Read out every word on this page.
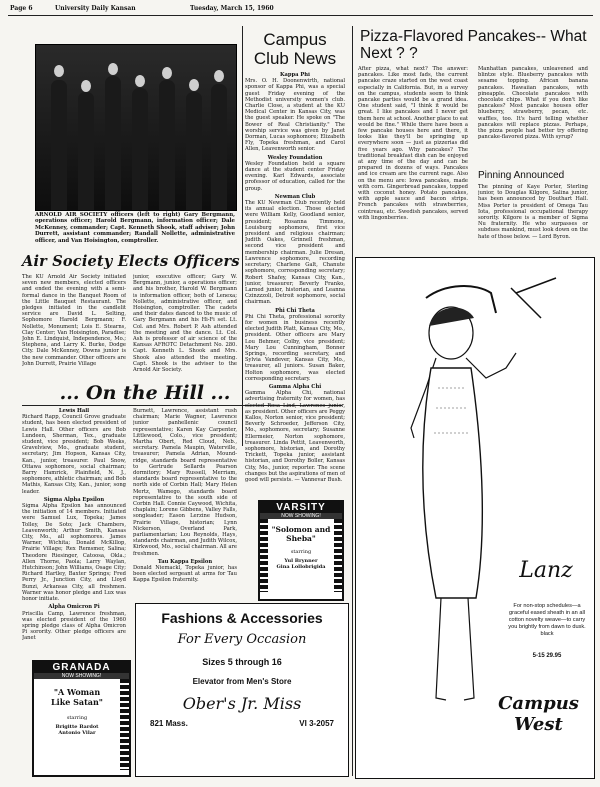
Page 6	University Daily Kansan	Tuesday, March 15, 1960
ARNOLD AIR SOCIETY officers (left to right) Gary Bergmann, operations officer; Harold Bergmann, information officer; Dale McKenney, commander; Capt. Kenneth Shook, staff adviser; John Durrett, assistant commander; Randall Nollette, administrative officer, and Van Hoisington, comptroller.
Air Society Elects Officers
The KU Arnold Air Society initiated seven new members, elected officers and ended the evening with a semi-formal dance in the Banquet Room of the Little Bauquet Restaurant. The pledges initiated in the candlelit service are David L. Selting, Sophomore Harold Bergmann; F. Nollette, Monument; Lois E. Stearns, Clay Center; Van Hoisington, Paradise; John E. Lindquist, Independence, Mo.; Stephens, and Larry K. Burke, Dodge City. Dale McKenney, Downs junior is the new commander. Other officers are John Durrett, Prairie Village
junior, executive officer; Gary W. Bergmann, junior, a operations officer; and his brother, Harold W. Bergmann is information officer, both of Lenexa; Nollette, administrative officer, and Hoisington, comptroller. The cadets and their dates danced to the music of Gary Bergmann and his Hi-Fi set. Lt. Col. and Mrs. Robert P. Ash attended the meeting and the dance. Lt. Col. Ash is professor of air science of the Kansas AFROTC Detachment No. 280. Capt. Kenneth L. Shook and Mrs. Shook also attended the meeting. Capt. Shook is the adviser to the Arnold Air Society.
... On the Hill ...
Lewis Hall
Richard Rapp, Council Grove graduate student, has been elected president of Lewis Hall. Other officers are Bob Lundeen, Sherman, Tex., graduate student, vice president; Bob Weeks, Gravelview, Mo., graduate student, secretary; Jim Hopson, Kansas City, Kan., junior, treasurer. Paul Snow, Ottawa sophomore, social chairman; Barry Hamrick, Plainfield, N. J., sophomore, athletic chairman; and Bob Mathis, Kansas City, Kan., junior, song leader.
Sigma Alpha Epsilon
Sigma Alpha Epsilon has announced the initiation of 14 members. Initiated were Samuel Lux, Topeka; James Tolley, De Soto; Jack Chambers, Leavenworth; Arthur Smith, Kansas City, Mo., all sophomores. James Warner, Wichita; Donald McKillop, Prairie Village; Rex Remsmer, Salina; Theodore Riesinger, Catoosa, Okla.; Allen Thorne, Paola; Larry Waylan, Hutchinson; John Williams, Osage City; Richard Hartley, Baxter Springs; Fred Perry Jr., Junction City, and Lloyd Bunzi, Arkansas City, all freshmen. Warner was honor pledge and Lux was honor initiate.
Alpha Omicron Pi
Priscilla Camp, Lawrence freshman, was elected president of the 1960 spring pledge class of Alpha Omicron Pi sorority. Other pledge officers are Janet
Burnett, Lawrence, assistant rush chairman; Marie Wagner, Lawrence junior panhellenic council representative; Karen Kay Carpenter, Littlewood, Colo., vice president; Martha Obert, Red Cloud, Neb., secretary. Pamela Maupin, Waterville, treasurer; Pamela Adrian, Mound-ridge, standards board representative to Gertrude Sellards Pearson dormitory; Mary Russell, Merriam, standards board representative to the north side of Corbin Hall; Mary Helen Mertz, Wamego, standards board representative to the south side of Corbin Hall. Connie Caywood, Wichita, chaplain; Lorene Gibbens, Valley Falls, songleader; Eason Lerzine Hudson, Prairie Village, historian; Lynn Nickerson, Overland Park, parliamentarian; Lou Reynolds, Hays, standards chairman, and Judith Wilcox, Kirkwood, Mo., social chairman. All are freshmen.
Tau Kappa Epsilon
Donald Niemackl, Topeka junior, has been elected sergeant at arms for Tau Kappa Epsilon fraternity.
Campus
Club News
Kappa Phi
Mrs. O. H. Doonenwirth, national sponsor of Kappa Phi, was a special guest Friday evening of the Methodist university women's club. Charlie Close, a student at the KU Medical Center in Kansas City, was the guest speaker. He spoke on "The Bower of Real Christianity." The worship service was given by Janet Dorman, Lucas sophomore; Elizabeth Fly, Topeka freshman, and Carol Allen, Leavenworth senior.
Wesley Foundation
Wesley Foundation held a square dance at the student center Friday evening. Karl Edwards, associate professor of education, called for the group.
Newman Club
The KU Newman Club recently held its annual election. Those elected were William Kelly, Goodland senior, president; Rosanna Timmons, Louisburg sophomore, first vice president and religious chairman; Judith Oakes, Grinnell freshman, second vice president and membership chairman. Julie Dresan, Lawrence sophomore, recording secretary; Charlene Galt, Chanute sophomore, corresponding secretary; Robert Shafey, Kansas City, Kan., junior, treasurer; Beverly Franko, Larned junior, historian, and Leanna Czinzzzoli, Detroit sophomore, social chairman.
Phi Chi Theta
Phi Chi Theta, professional sorority for women in business recently elected Judith Platt, Kansas City, Mo., president. Other officers are Mary Lou Behmer, Colby, vice president; Mary Lou Cunningham, Bonner Springs, recording secretary, and Sylvia Vandever, Kansas City, Mo., treasurer, all juniors. Susan Baker, Holton sophomore, was elected corresponding secretary.
Gamma Alpha Chi
Gamma Alpha Chi, national advertising fraternity for women, has elected Rosa Lind, Lawrence junior, as president. Other officers are Peggy Kallos, Norton senior, vice president; Beverly Schroeder, Jefferson City, Mo., sophomore, secretary; Susanne Ellermeier, Norton sophomore, treasurer. Linda Pettit, Leavenworth, sophomore, historian, and Dorothy Trickett, Topeka junior, assistant historian, and Dorothy Boller, Kansas City, Mo., junior, reporter. The scene changes but the aspirations of men of good will persists. — Vannevar Bush.
VARSITY
NOW SHOWING!
"Solomon and
Sheba"
starring
Yul Brynner
Gina Lollobrigida
GRANADA
NOW SHOWING!
"A Woman
Like Satan"
starring
Brigitte Bardot
Antonio Vilar
Fashions & Accessories
For Every Occasion
Sizes 5 through 16
Elevator from Men's Store
Ober's Jr. Miss
821 Mass.	VI 3-2057
Pizza-Flavored Pancakes-- What Next ? ?
After pizza, what next? The answer: pancakes. Like most fads, the current pancake craze started on the west coast especially in California. But, in a survey on the campus, students seem to think pancake parties would be a grand idea. One student said, "I think it would be great. I like pancakes and I never get them here at school. Another place to eat would be fine." While there have been a few pancake houses here and there, it looks like they'll be springing up everywhere soon — just as pizzerias did five years ago. Why pancakes? The traditional breakfast dish can be enjoyed at any time of the day and can be prepared in dozens of ways. Pancakes and ice cream are the current rage. Also on the menu are: Iowa pancakes, made with corn. Gingerbread pancakes, topped with coconut honey. Potato pancakes, with apple sauce and bacon strips. French pancakes with strawberries, cointreau, etc. Swedish pancakes, served with lingonberries.
Manhattan pancakes, unleavened and blintze style. Blueberry pancakes with sesame topping. African banana pancakes. Hawaiian pancakes, with pineapple. Chocolate pancakes with chocolate chips. What if you don't like pancakes? Most pancake houses offer blueberry, strawberry, pecan, etc. waffles, too. It's hard telling whether pancakes will replace pizzas. Perhaps, the pizza people had better try offering pancake-flavored pizza. With syrup?
Pinning Announced
The pinning of Kaye Porter, Sterling junior, to Douglas Kilgore, Salina junior, has been announced by Douthart Hall. Miss Porter is president of Omega Tau Iota, professional occupational therapy sorority. Kilgore is a member of Sigma Nu fraternity. He who surpasses or subdues mankind, must look down on the hate of those below. — Lord Byron.
Lanz
For non-stop schedules—a graceful eased sheath in an all cotton novelty weave—to carry you brightly from dawn to dusk. black
5-15 29.95
Campus West
